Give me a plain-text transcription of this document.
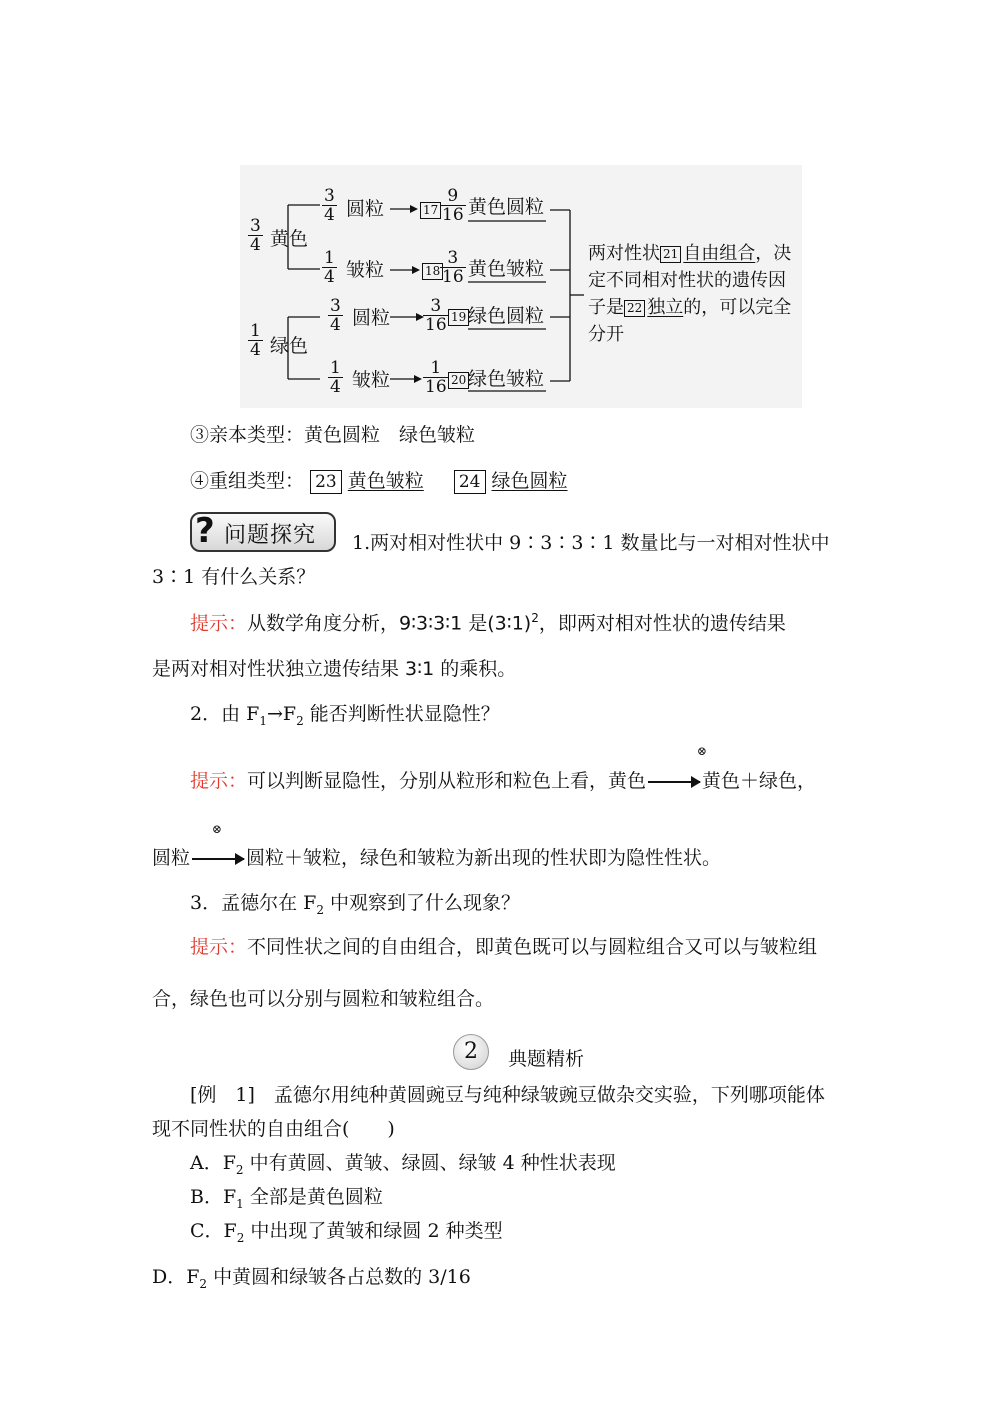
$\frac{3}{4}$ 黄色
$\frac{1}{4}$ 绿色
$\frac{3}{4}$ 圆粒	$17 \frac{9}{16}$ 黄色圆粒
$\frac{1}{4}$ 皱粒	$18 \frac{3}{16}$ 黄色皱粒
$\frac{3}{4}$ 圆粒 $\frac{3}{16} 19$ 绿色圆粒
$\frac{1}{4}$ 皱粒 $\frac{1}{16} 20$ 绿色皱粒
两对性状 21 自由组合，决定不同相对性状的遗传因子是 22 独立的，可以完全分开
③亲本类型：黄色圆粒　绿色皱粒
④重组类型： 23 黄色皱粒 24 绿色圆粒
? 问题探究 1.两对相对性状中 9∶3∶3∶1 数量比与一对相对性状中
3∶1 有什么关系？
提示：从数学角度分析，9∶3∶3∶1 是(3∶1)$^2$，即两对相对性状的遗传结果
是两对相对性状独立遗传结果 3∶1 的乘积。
2．由 $F_1\to F_2$ 能否判断性状显隐性？
⊗
提示：可以判断显隐性，分别从粒形和粒色上看，黄色	黄色＋绿色，
⊗
圆粒	圆粒＋皱粒，绿色和皱粒为新出现的性状即为隐性性状。
3．孟德尔在 $F_2$ 中观察到了什么现象？
提示：不同性状之间的自由组合，即黄色既可以与圆粒组合又可以与皱粒组
合，绿色也可以分别与圆粒和皱粒组合。
2	典题精析
[例　1]　孟德尔用纯种黄圆豌豆与纯种绿皱豌豆做杂交实验，下列哪项能体
现不同性状的自由组合(　　)
A．$F_2$ 中有黄圆、黄皱、绿圆、绿皱 4 种性状表现
B．$F_1$ 全部是黄色圆粒
C．$F_2$ 中出现了黄皱和绿圆 2 种类型
D．$F_2$ 中黄圆和绿皱各占总数的 3/16
